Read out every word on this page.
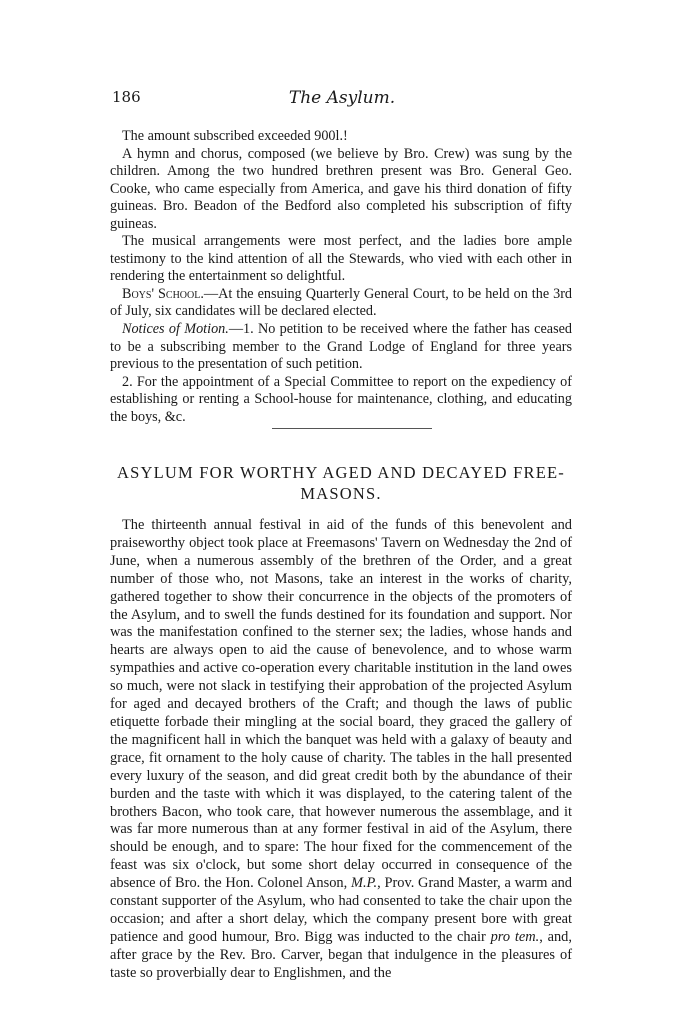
186	The Asylum.

The amount subscribed exceeded 900l.!

A hymn and chorus, composed (we believe by Bro. Crew) was sung by the children. Among the two hundred brethren present was Bro. General Geo. Cooke, who came especially from America, and gave his third donation of fifty guineas. Bro. Beadon of the Bedford also completed his subscription of fifty guineas.

The musical arrangements were most perfect, and the ladies bore ample testimony to the kind attention of all the Stewards, who vied with each other in rendering the entertainment so delightful.

Boys' School.—At the ensuing Quarterly General Court, to be held on the 3rd of July, six candidates will be declared elected.

Notices of Motion.—1. No petition to be received where the father has ceased to be a subscribing member to the Grand Lodge of England for three years previous to the presentation of such petition.

2. For the appointment of a Special Committee to report on the expediency of establishing or renting a School-house for maintenance, clothing, and educating the boys, &c.

ASYLUM FOR WORTHY AGED AND DECAYED FREE-MASONS.

The thirteenth annual festival in aid of the funds of this benevolent and praiseworthy object took place at Freemasons' Tavern on Wednesday the 2nd of June, when a numerous assembly of the brethren of the Order, and a great number of those who, not Masons, take an interest in the works of charity, gathered together to show their concurrence in the objects of the promoters of the Asylum, and to swell the funds destined for its foundation and support. Nor was the manifestation confined to the sterner sex; the ladies, whose hands and hearts are always open to aid the cause of benevolence, and to whose warm sympathies and active co-operation every charitable institution in the land owes so much, were not slack in testifying their approbation of the projected Asylum for aged and decayed brothers of the Craft; and though the laws of public etiquette forbade their mingling at the social board, they graced the gallery of the magnificent hall in which the banquet was held with a galaxy of beauty and grace, fit ornament to the holy cause of charity. The tables in the hall presented every luxury of the season, and did great credit both by the abundance of their burden and the taste with which it was displayed, to the catering talent of the brothers Bacon, who took care, that however numerous the assemblage, and it was far more numerous than at any former festival in aid of the Asylum, there should be enough, and to spare: The hour fixed for the commencement of the feast was six o'clock, but some short delay occurred in consequence of the absence of Bro. the Hon. Colonel Anson, M.P., Prov. Grand Master, a warm and constant supporter of the Asylum, who had consented to take the chair upon the occasion; and after a short delay, which the company present bore with great patience and good humour, Bro. Bigg was inducted to the chair pro tem., and, after grace by the Rev. Bro. Carver, began that indulgence in the pleasures of taste so proverbially dear to Englishmen, and the
